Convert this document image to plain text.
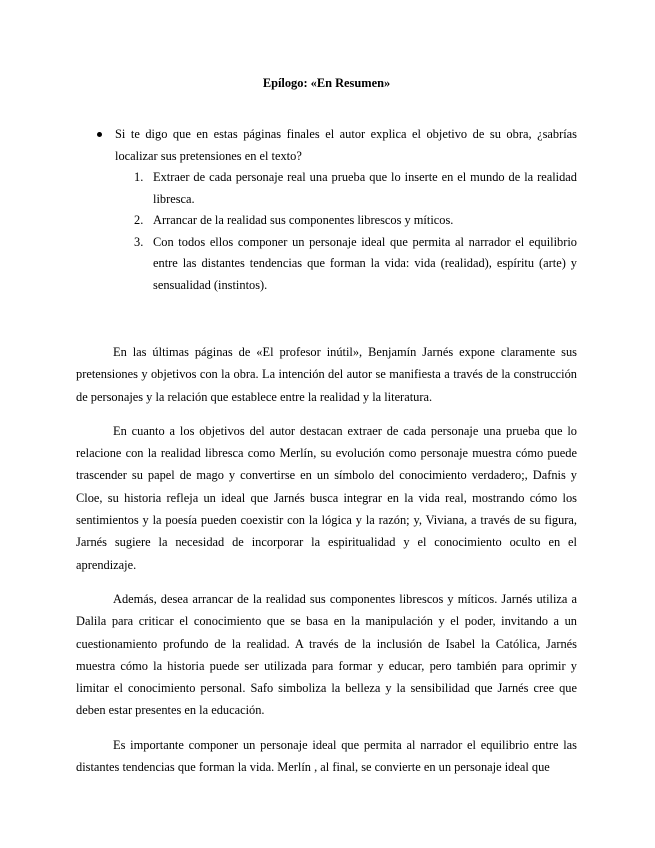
Epílogo: «En Resumen»
Si te digo que en estas páginas finales el autor explica el objetivo de su obra, ¿sabrías localizar sus pretensiones en el texto?
1. Extraer de cada personaje real una prueba que lo inserte en el mundo de la realidad libresca.
2. Arrancar de la realidad sus componentes librescos y míticos.
3. Con todos ellos componer un personaje ideal que permita al narrador el equilibrio entre las distantes tendencias que forman la vida: vida (realidad), espíritu (arte) y sensualidad (instintos).

En las últimas páginas de «El profesor inútil», Benjamín Jarnés expone claramente sus pretensiones y objetivos con la obra. La intención del autor se manifiesta a través de la construcción de personajes y la relación que establece entre la realidad y la literatura.

En cuanto a los objetivos del autor destacan extraer de cada personaje una prueba que lo relacione con la realidad libresca como Merlín, su evolución como personaje muestra cómo puede trascender su papel de mago y convertirse en un símbolo del conocimiento verdadero;, Dafnis y Cloe, su historia refleja un ideal que Jarnés busca integrar en la vida real, mostrando cómo los sentimientos y la poesía pueden coexistir con la lógica y la razón; y, Viviana, a través de su figura, Jarnés sugiere la necesidad de incorporar la espiritualidad y el conocimiento oculto en el aprendizaje.

Además, desea arrancar de la realidad sus componentes librescos y míticos. Jarnés utiliza a Dalila para criticar el conocimiento que se basa en la manipulación y el poder, invitando a un cuestionamiento profundo de la realidad. A través de la inclusión de Isabel la Católica, Jarnés muestra cómo la historia puede ser utilizada para formar y educar, pero también para oprimir y limitar el conocimiento personal. Safo simboliza la belleza y la sensibilidad que Jarnés cree que deben estar presentes en la educación.

Es importante componer un personaje ideal que permita al narrador el equilibrio entre las distantes tendencias que forman la vida. Merlín , al final, se convierte en un personaje ideal que
